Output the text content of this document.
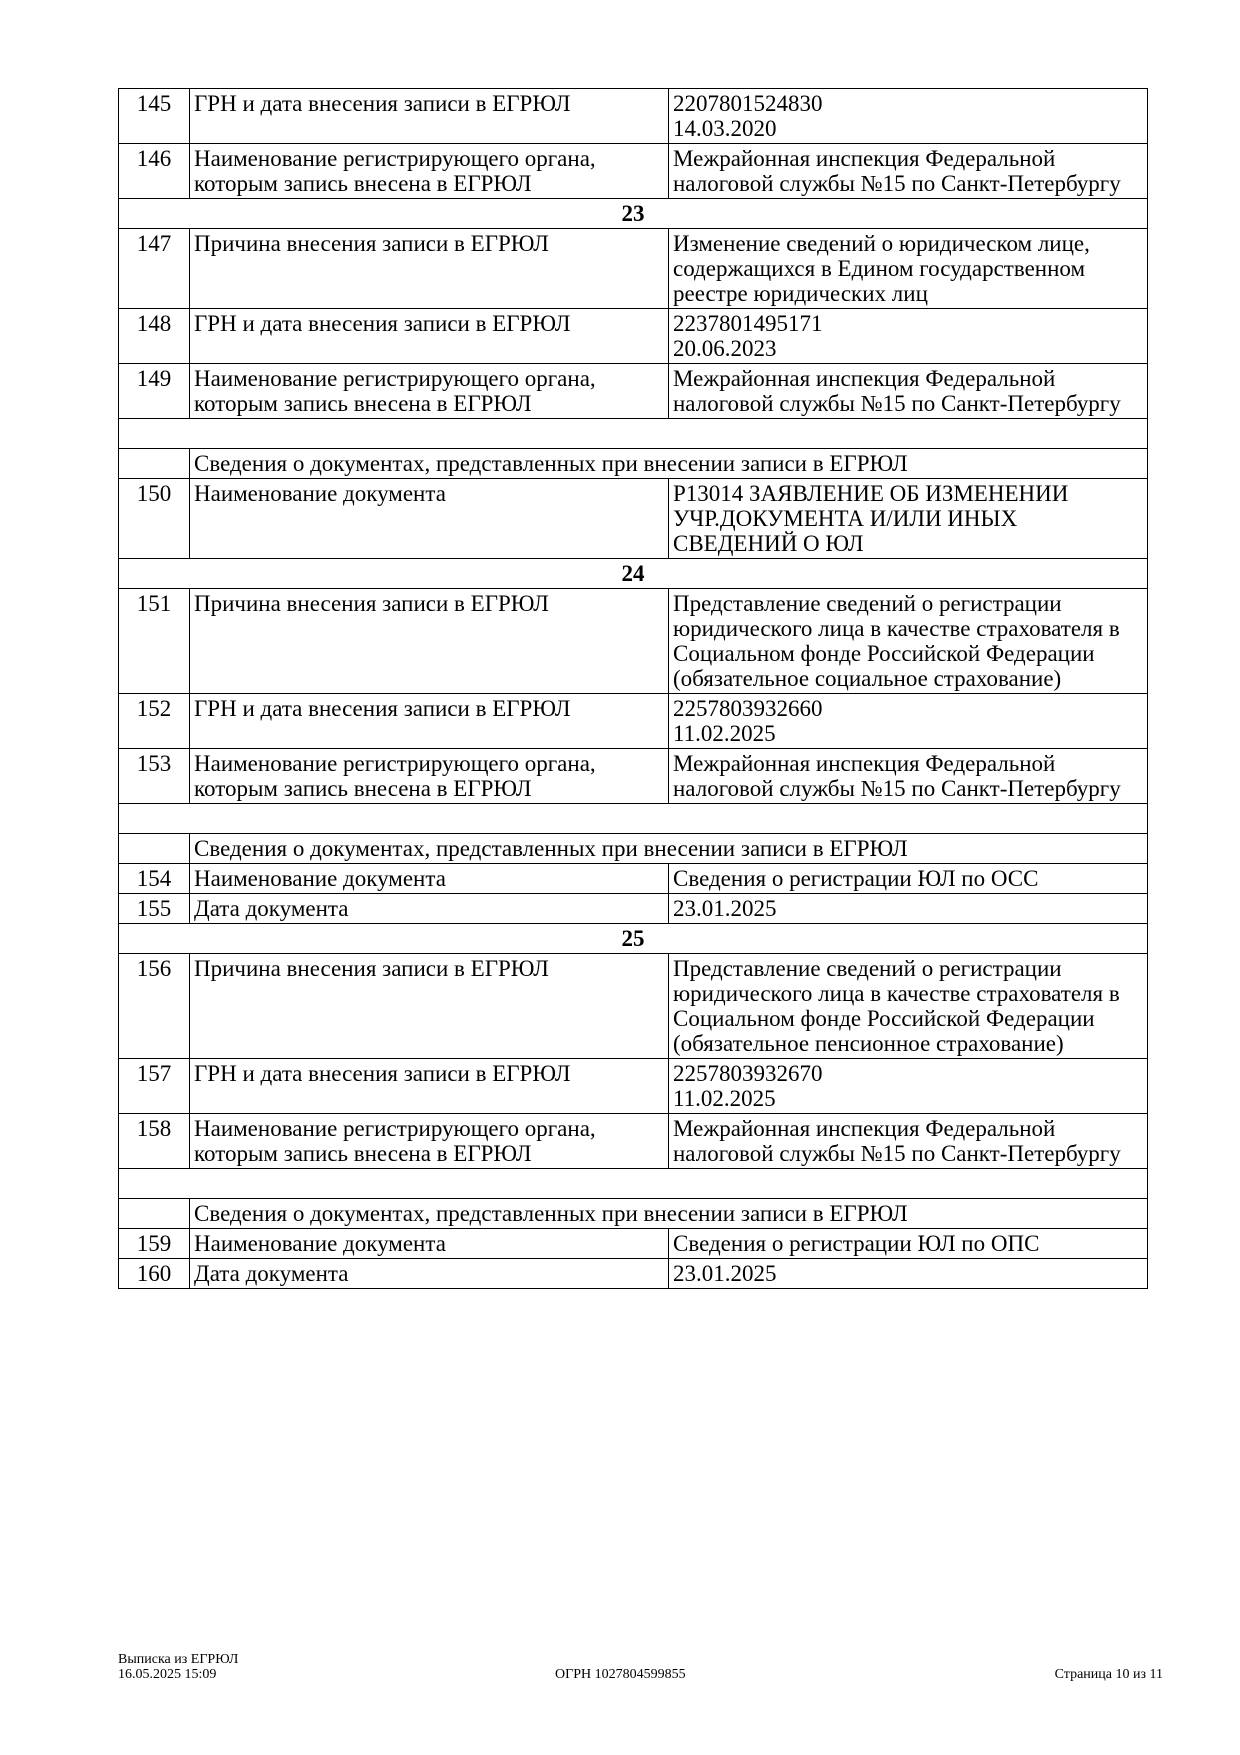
145	ГРН и дата внесения записи в ЕГРЮЛ	2207801524830
14.03.2020
146	Наименование регистрирующего органа, которым запись внесена в ЕГРЮЛ	Межрайонная инспекция Федеральной налоговой службы №15 по Санкт-Петербургу
23		
147	Причина внесения записи в ЕГРЮЛ	Изменение сведений о юридическом лице, содержащихся в Едином государственном реестре юридических лиц
148	ГРН и дата внесения записи в ЕГРЮЛ	2237801495171
20.06.2023
149	Наименование регистрирующего органа, которым запись внесена в ЕГРЮЛ	Межрайонная инспекция Федеральной налоговой службы №15 по Санкт-Петербургу

	Сведения о документах, представленных при внесении записи в ЕГРЮЛ	
150	Наименование документа	Р13014 ЗАЯВЛЕНИЕ ОБ ИЗМЕНЕНИИ УЧР.ДОКУМЕНТА И/ИЛИ ИНЫХ СВЕДЕНИЙ О ЮЛ
24		
151	Причина внесения записи в ЕГРЮЛ	Представление сведений о регистрации юридического лица в качестве страхователя в Социальном фонде Российской Федерации (обязательное социальное страхование)
152	ГРН и дата внесения записи в ЕГРЮЛ	2257803932660
11.02.2025
153	Наименование регистрирующего органа, которым запись внесена в ЕГРЮЛ	Межрайонная инспекция Федеральной налоговой службы №15 по Санкт-Петербургу

	Сведения о документах, представленных при внесении записи в ЕГРЮЛ	
154	Наименование документа	Сведения о регистрации ЮЛ по ОСС
155	Дата документа	23.01.2025
25		
156	Причина внесения записи в ЕГРЮЛ	Представление сведений о регистрации юридического лица в качестве страхователя в Социальном фонде Российской Федерации (обязательное пенсионное страхование)
157	ГРН и дата внесения записи в ЕГРЮЛ	2257803932670
11.02.2025
158	Наименование регистрирующего органа, которым запись внесена в ЕГРЮЛ	Межрайонная инспекция Федеральной налоговой службы №15 по Санкт-Петербургу

	Сведения о документах, представленных при внесении записи в ЕГРЮЛ	
159	Наименование документа	Сведения о регистрации ЮЛ по ОПС
160	Дата документа	23.01.2025
Выписка из ЕГРЮЛ
16.05.2025 15:09	ОГРН 1027804599855	Страница 10 из 11
